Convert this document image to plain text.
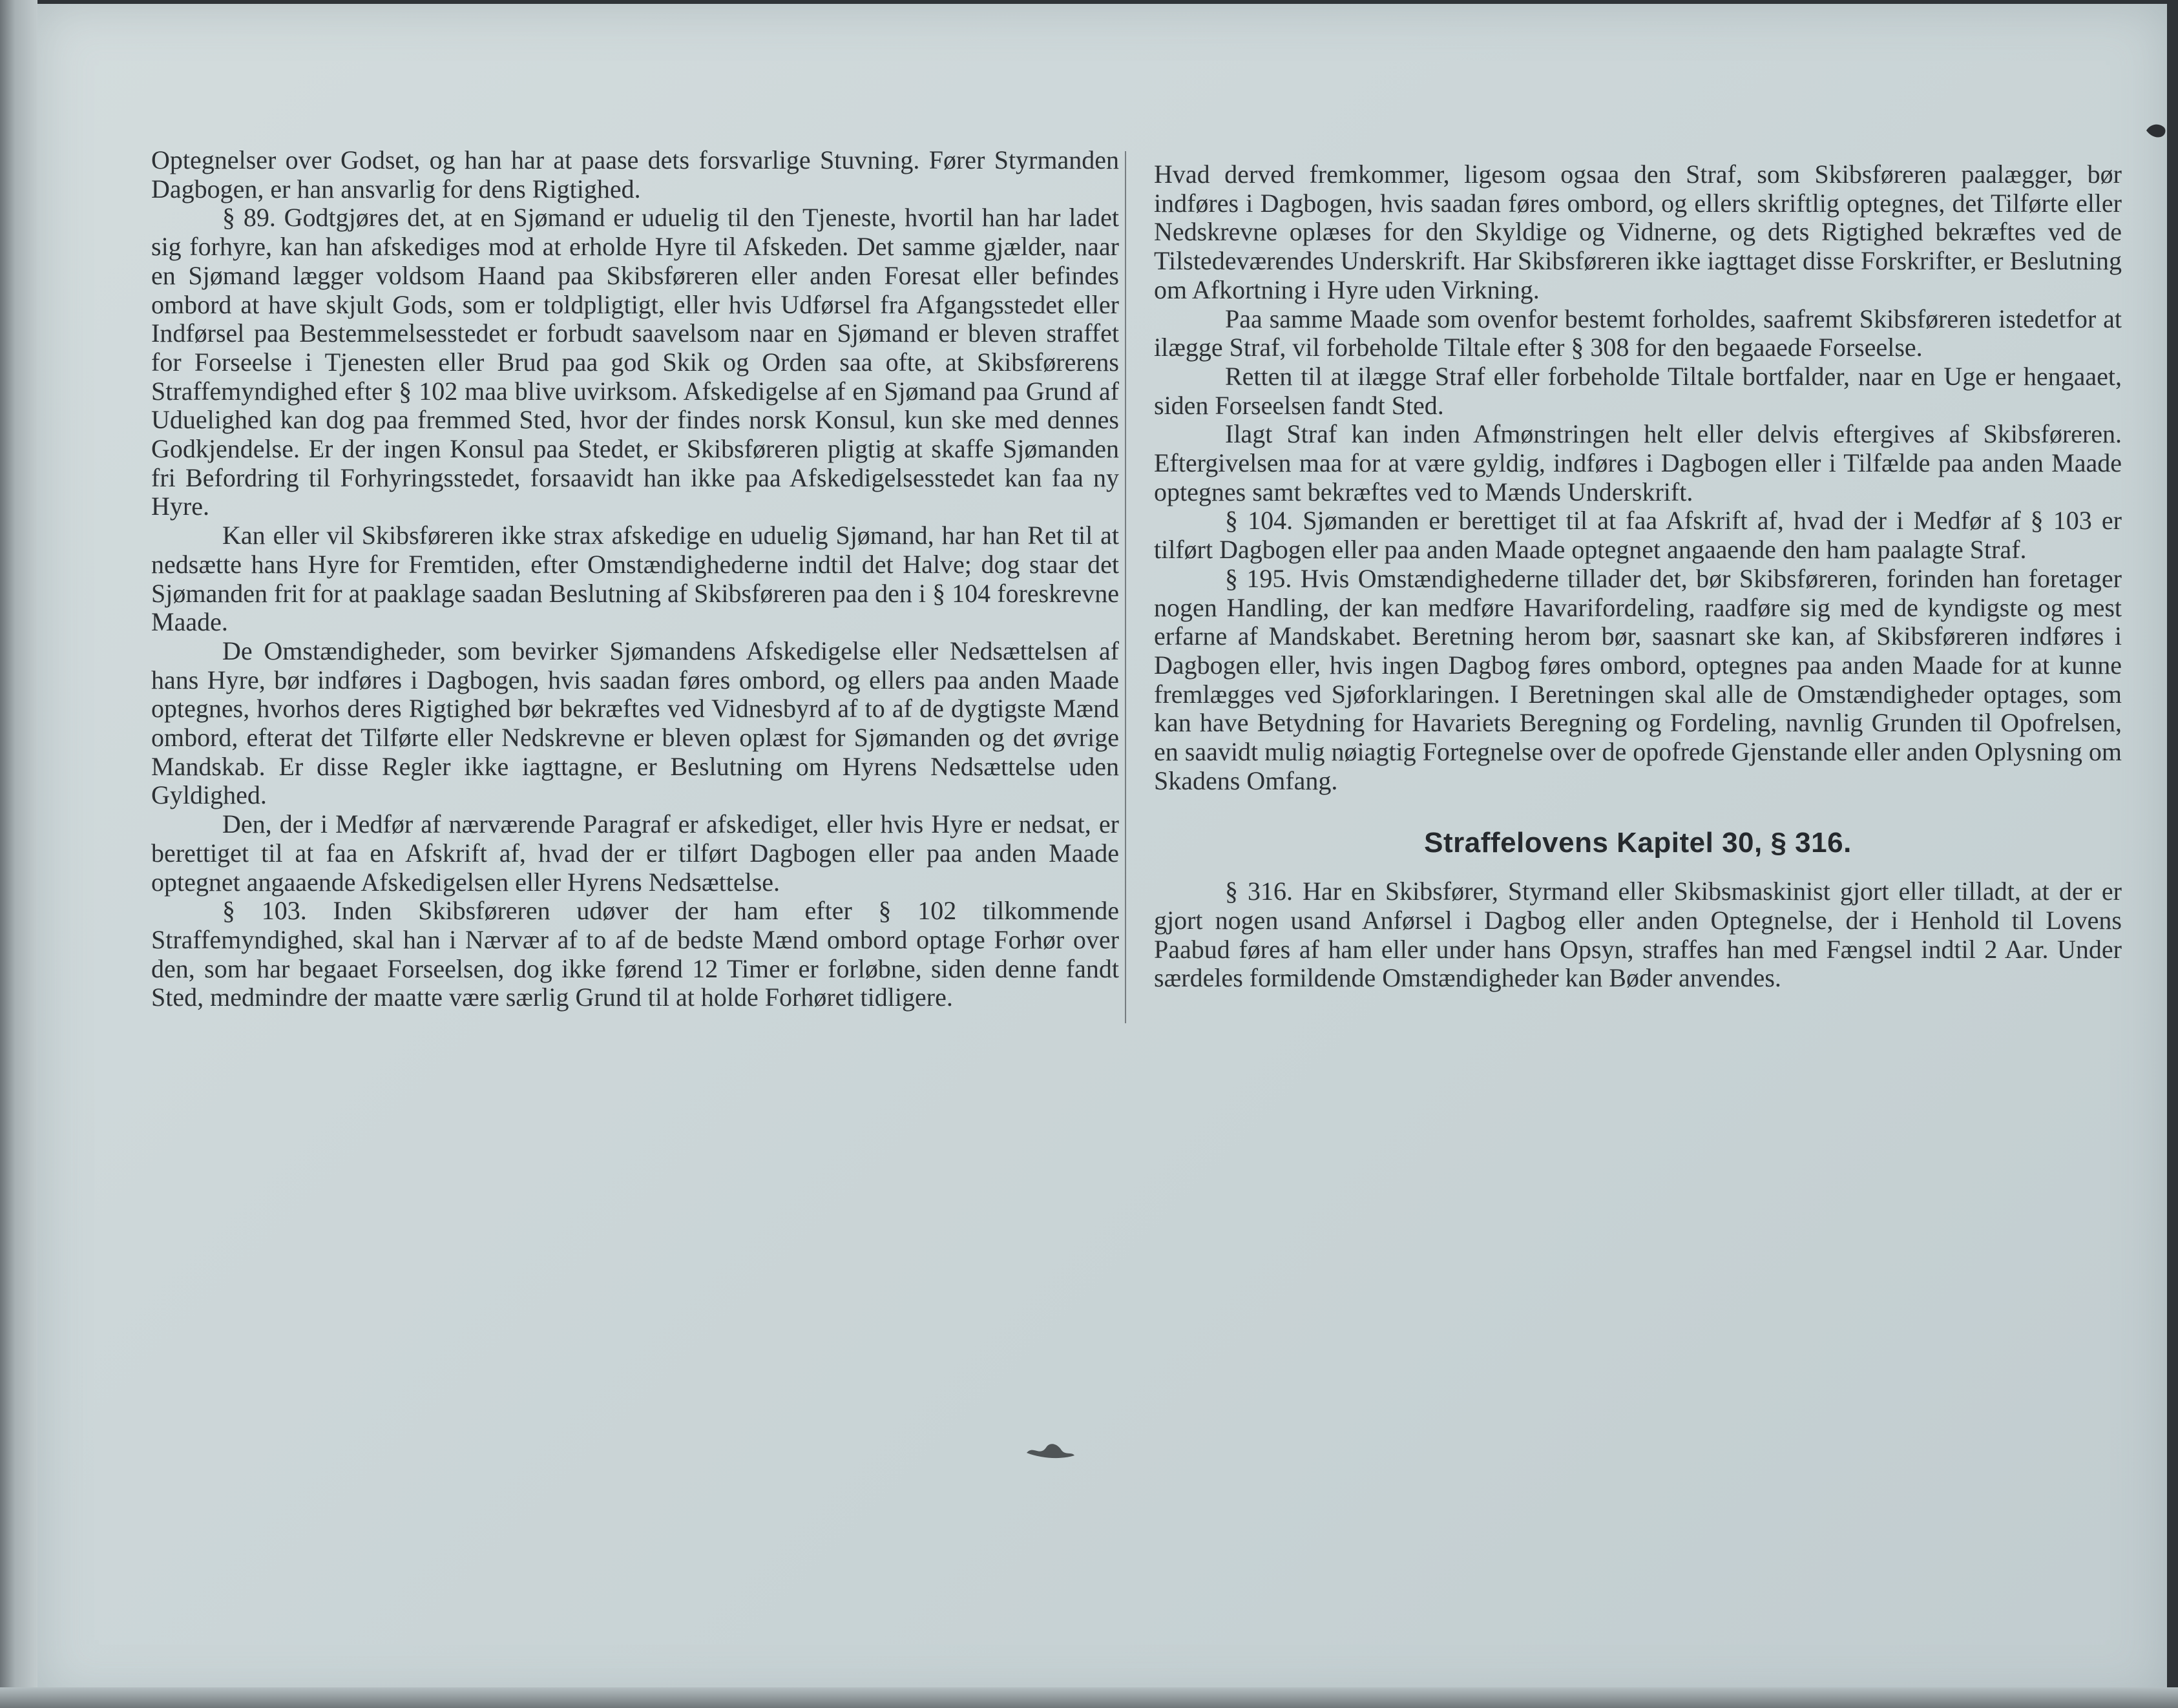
Optegnelser over Godset, og han har at paase dets forsvarlige Stuvning. Fører Styrmanden Dagbogen, er han ansvarlig for dens Rigtighed.

§ 89. Godtgjøres det, at en Sjømand er uduelig til den Tjeneste, hvortil han har ladet sig forhyre, kan han afskediges mod at erholde Hyre til Afskeden. Det samme gjælder, naar en Sjømand lægger voldsom Haand paa Skibsføreren eller anden Foresat eller befindes ombord at have skjult Gods, som er toldpligtigt, eller hvis Udførsel fra Afgangsstedet eller Indførsel paa Bestemmelsesstedet er forbudt saavelsom naar en Sjømand er bleven straffet for Forseelse i Tjenesten eller Brud paa god Skik og Orden saa ofte, at Skibsførerens Straffemyndighed efter § 102 maa blive uvirksom. Afskedigelse af en Sjømand paa Grund af Uduelighed kan dog paa fremmed Sted, hvor der findes norsk Konsul, kun ske med dennes Godkjendelse. Er der ingen Konsul paa Stedet, er Skibsføreren pligtig at skaffe Sjømanden fri Befordring til Forhyringsstedet, forsaavidt han ikke paa Afskedigelsesstedet kan faa ny Hyre.

Kan eller vil Skibsføreren ikke strax afskedige en uduelig Sjømand, har han Ret til at nedsætte hans Hyre for Fremtiden, efter Omstændighederne indtil det Halve; dog staar det Sjømanden frit for at paaklage saadan Beslutning af Skibsføreren paa den i § 104 foreskrevne Maade.

De Omstændigheder, som bevirker Sjømandens Afskedigelse eller Nedsættelsen af hans Hyre, bør indføres i Dagbogen, hvis saadan føres ombord, og ellers paa anden Maade optegnes, hvorhos deres Rigtighed bør bekræftes ved Vidnesbyrd af to af de dygtigste Mænd ombord, efterat det Tilførte eller Nedskrevne er bleven oplæst for Sjømanden og det øvrige Mandskab. Er disse Regler ikke iagttagne, er Beslutning om Hyrens Nedsættelse uden Gyldighed.

Den, der i Medfør af nærværende Paragraf er afskediget, eller hvis Hyre er nedsat, er berettiget til at faa en Afskrift af, hvad der er tilført Dagbogen eller paa anden Maade optegnet angaaende Afskedigelsen eller Hyrens Nedsættelse.

§ 103. Inden Skibsføreren udøver der ham efter § 102 tilkommende Straffemyndighed, skal han i Nærvær af to af de bedste Mænd ombord optage Forhør over den, som har begaaet Forseelsen, dog ikke førend 12 Timer er forløbne, siden denne fandt Sted, medmindre der maatte være særlig Grund til at holde Forhøret tidligere.

Hvad derved fremkommer, ligesom ogsaa den Straf, som Skibsføreren paalægger, bør indføres i Dagbogen, hvis saadan føres ombord, og ellers skriftlig optegnes, det Tilførte eller Nedskrevne oplæses for den Skyldige og Vidnerne, og dets Rigtighed bekræftes ved de Tilstedeværendes Underskrift. Har Skibsføreren ikke iagttaget disse Forskrifter, er Beslutning om Afkortning i Hyre uden Virkning.

Paa samme Maade som ovenfor bestemt forholdes, saafremt Skibsføreren istedetfor at ilægge Straf, vil forbeholde Tiltale efter § 308 for den begaaede Forseelse.

Retten til at ilægge Straf eller forbeholde Tiltale bortfalder, naar en Uge er hengaaet, siden Forseelsen fandt Sted.

Ilagt Straf kan inden Afmønstringen helt eller delvis eftergives af Skibsføreren. Eftergivelsen maa for at være gyldig, indføres i Dagbogen eller i Tilfælde paa anden Maade optegnes samt bekræftes ved to Mænds Underskrift.

§ 104. Sjømanden er berettiget til at faa Afskrift af, hvad der i Medfør af § 103 er tilført Dagbogen eller paa anden Maade optegnet angaaende den ham paalagte Straf.

§ 195. Hvis Omstændighederne tillader det, bør Skibsføreren, forinden han foretager nogen Handling, der kan medføre Havarifordeling, raadføre sig med de kyndigste og mest erfarne af Mandskabet. Beretning herom bør, saasnart ske kan, af Skibsføreren indføres i Dagbogen eller, hvis ingen Dagbog føres ombord, optegnes paa anden Maade for at kunne fremlægges ved Sjøforklaringen. I Beretningen skal alle de Omstændigheder optages, som kan have Betydning for Havariets Beregning og Fordeling, navnlig Grunden til Opofrelsen, en saavidt mulig nøiagtig Fortegnelse over de opofrede Gjenstande eller anden Oplysning om Skadens Omfang.

Straffelovens Kapitel 30, § 316.

§ 316. Har en Skibsfører, Styrmand eller Skibsmaskinist gjort eller tilladt, at der er gjort nogen usand Anførsel i Dagbog eller anden Optegnelse, der i Henhold til Lovens Paabud føres af ham eller under hans Opsyn, straffes han med Fængsel indtil 2 Aar. Under særdeles formildende Omstændigheder kan Bøder anvendes.
